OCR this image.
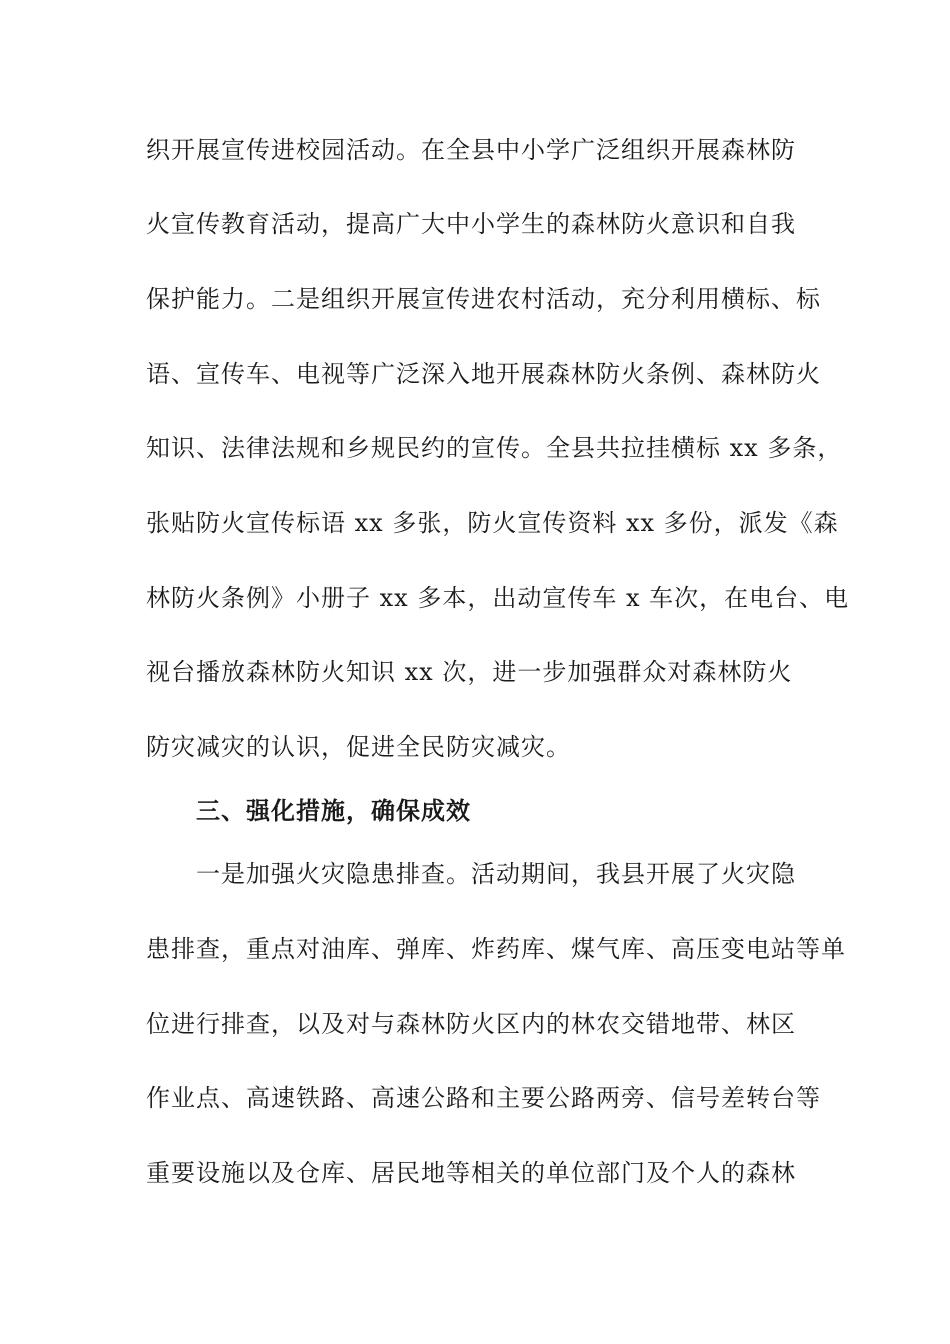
织开展宣传进校园活动。在全县中小学广泛组织开展森林防
火宣传教育活动，提高广大中小学生的森林防火意识和自我
保护能力。二是组织开展宣传进农村活动，充分利用横标、标
语、宣传车、电视等广泛深入地开展森林防火条例、森林防火
知识、法律法规和乡规民约的宣传。全县共拉挂横标 xx 多条，
张贴防火宣传标语 xx 多张，防火宣传资料 xx 多份，派发《森
林防火条例》小册子 xx 多本，出动宣传车 x 车次，在电台、电
视台播放森林防火知识 xx 次，进一步加强群众对森林防火
防灾减灾的认识，促进全民防灾减灾。
三、强化措施，确保成效
一是加强火灾隐患排查。活动期间，我县开展了火灾隐
患排查，重点对油库、弹库、炸药库、煤气库、高压变电站等单
位进行排查，以及对与森林防火区内的林农交错地带、林区
作业点、高速铁路、高速公路和主要公路两旁、信号差转台等
重要设施以及仓库、居民地等相关的单位部门及个人的森林
